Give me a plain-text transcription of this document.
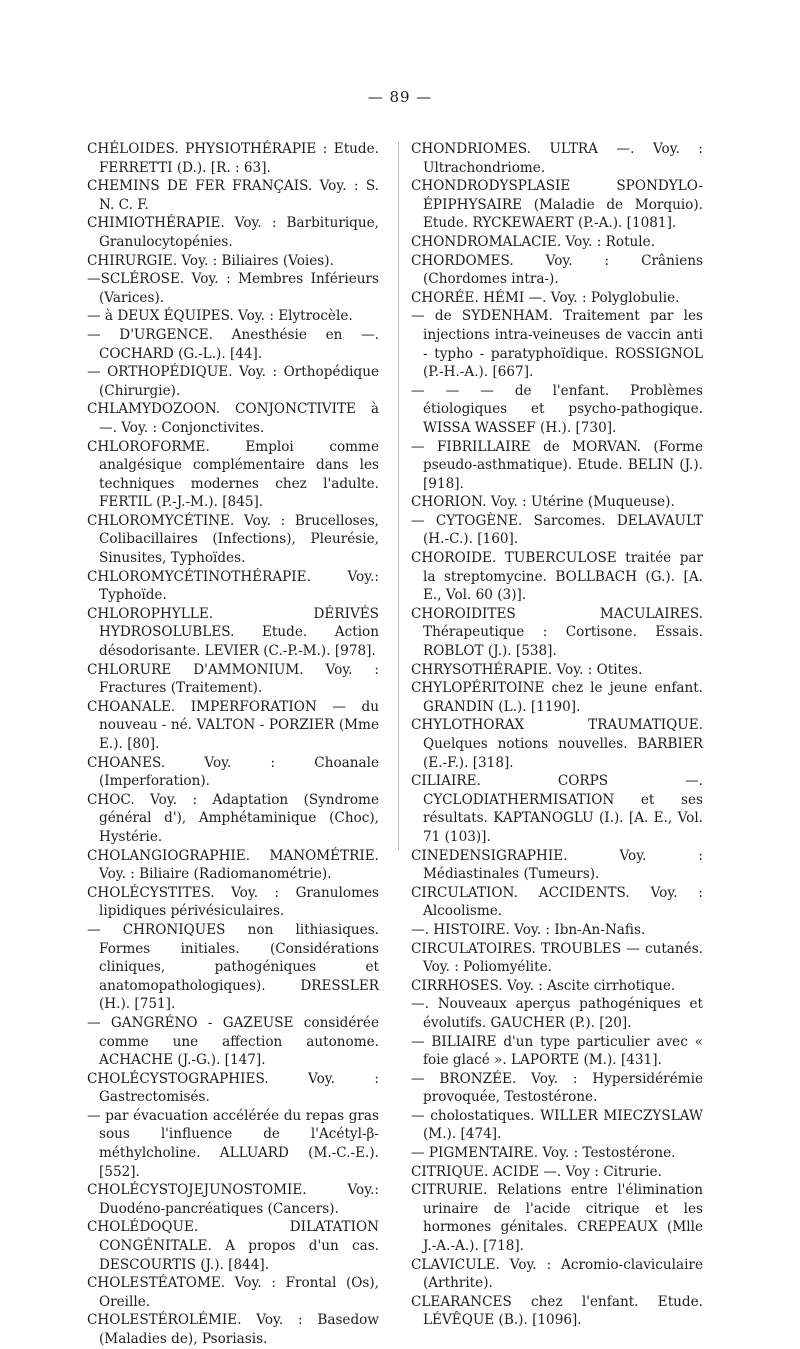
— 89 —

CHÉLOIDES. PHYSIOTHÉRAPIE : Etude. FERRETTI (D.). [R. : 63].

CHEMINS DE FER FRANÇAIS. Voy. : S. N. C. F.

CHIMIOTHÉRAPIE. Voy. : Barbiturique, Granulocytopénies.

CHIRURGIE. Voy. : Biliaires (Voies).

—SCLÉROSE. Voy. : Membres Inférieurs (Varices).

— à DEUX ÉQUIPES. Voy. : Elytrocèle.

— D'URGENCE. Anesthésie en —. COCHARD (G.-L.). [44].

— ORTHOPÉDIQUE. Voy. : Orthopédique (Chirurgie).

CHLAMYDOZOON. CONJONCTIVITE à —. Voy. : Conjonctivites.

CHLOROFORME. Emploi comme analgésique complémentaire dans les techniques modernes chez l'adulte. FERTIL (P.-J.-M.). [845].

CHLOROMYCÉTINE. Voy. : Brucelloses, Colibacillaires (Infections), Pleurésie, Sinusites, Typhoïdes.

CHLOROMYCÉTINOTHÉRAPIE. Voy.: Typhoïde.

CHLOROPHYLLE. DÉRIVÉS HYDROSOLUBLES. Etude. Action désodorisante. LEVIER (C.-P.-M.). [978].

CHLORURE D'AMMONIUM. Voy. : Fractures (Traitement).

CHOANALE. IMPERFORATION — du nouveau - né. VALTON - PORZIER (Mme E.). [80].

CHOANES. Voy. : Choanale (Imperforation).

CHOC. Voy. : Adaptation (Syndrome général d'), Amphétaminique (Choc), Hystérie.

CHOLANGIOGRAPHIE. MANOMÉTRIE. Voy. : Biliaire (Radiomanométrie).

CHOLÉCYSTITES. Voy. : Granulomes lipidiques périvésiculaires.

— CHRONIQUES non lithiasiques. Formes initiales. (Considérations cliniques, pathogéniques et anatomopathologiques). DRESSLER (H.). [751].

— GANGRÉNO - GAZEUSE considérée comme une affection autonome. ACHACHE (J.-G.). [147].

CHOLÉCYSTOGRAPHIES. Voy. : Gastrectomisés.

— par évacuation accélérée du repas gras sous l'influence de l'Acétyl-β-méthylcholine. ALLUARD (M.-C.-E.). [552].

CHOLÉCYSTOJEJUNOSTOMIE. Voy.: Duodéno-pancréatiques (Cancers).

CHOLÉDOQUE. DILATATION CONGÉNITALE. A propos d'un cas. DESCOURTIS (J.). [844].

CHOLESTÉATOME. Voy. : Frontal (Os), Oreille.

CHOLESTÉROLÉMIE. Voy. : Basedow (Maladies de), Psoriasis.

CHONDRIOMES. ULTRA —. Voy. : Ultrachondriome.

CHONDRODYSPLASIE SPONDYLO-ÉPIPHYSAIRE (Maladie de Morquio). Etude. RYCKEWAERT (P.-A.). [1081].

CHONDROMALACIE. Voy. : Rotule.

CHORDOMES. Voy. : Crâniens (Chordomes intra-).

CHORÉE. HÉMI —. Voy. : Polyglobulie.

— de SYDENHAM. Traitement par les injections intra-veineuses de vaccin anti - typho - paratyphoïdique. ROSSIGNOL (P.-H.-A.). [667].

— — — de l'enfant. Problèmes étiologiques et psycho-pathogique. WISSA WASSEF (H.). [730].

— FIBRILLAIRE de MORVAN. (Forme pseudo-asthmatique). Etude. BELIN (J.). [918].

CHORION. Voy. : Utérine (Muqueuse).

— CYTOGÈNE. Sarcomes. DELAVAULT (H.-C.). [160].

CHOROIDE. TUBERCULOSE traitée par la streptomycine. BOLLBACH (G.). [A. E., Vol. 60 (3)].

CHOROIDITES MACULAIRES. Thérapeutique : Cortisone. Essais. ROBLOT (J.). [538].

CHRYSOTHÉRAPIE. Voy. : Otites.

CHYLOPÉRITOINE chez le jeune enfant. GRANDIN (L.). [1190].

CHYLOTHORAX TRAUMATIQUE. Quelques notions nouvelles. BARBIER (E.-F.). [318].

CILIAIRE. CORPS —. CYCLODIATHERMISATION et ses résultats. KAPTANOGLU (I.). [A. E., Vol. 71 (103)].

CINEDENSIGRAPHIE. Voy. : Médiastinales (Tumeurs).

CIRCULATION. ACCIDENTS. Voy. : Alcoolisme.

—. HISTOIRE. Voy. : Ibn-An-Nafis.

CIRCULATOIRES. TROUBLES — cutanés. Voy. : Poliomyélite.

CIRRHOSES. Voy. : Ascite cirrhotique.

—. Nouveaux aperçus pathogéniques et évolutifs. GAUCHER (P.). [20].

— BILIAIRE d'un type particulier avec « foie glacé ». LAPORTE (M.). [431].

— BRONZÉE. Voy. : Hypersidérémie provoquée, Testostérone.

— cholostatiques. WILLER MIECZYSLAW (M.). [474].

— PIGMENTAIRE. Voy. : Testostérone.

CITRIQUE. ACIDE —. Voy : Citrurie.

CITRURIE. Relations entre l'élimination urinaire de l'acide citrique et les hormones génitales. CREPEAUX (Mlle J.-A.-A.). [718].

CLAVICULE. Voy. : Acromio-claviculaire (Arthrite).

CLEARANCES chez l'enfant. Etude. LÉVÊQUE (B.). [1096].
